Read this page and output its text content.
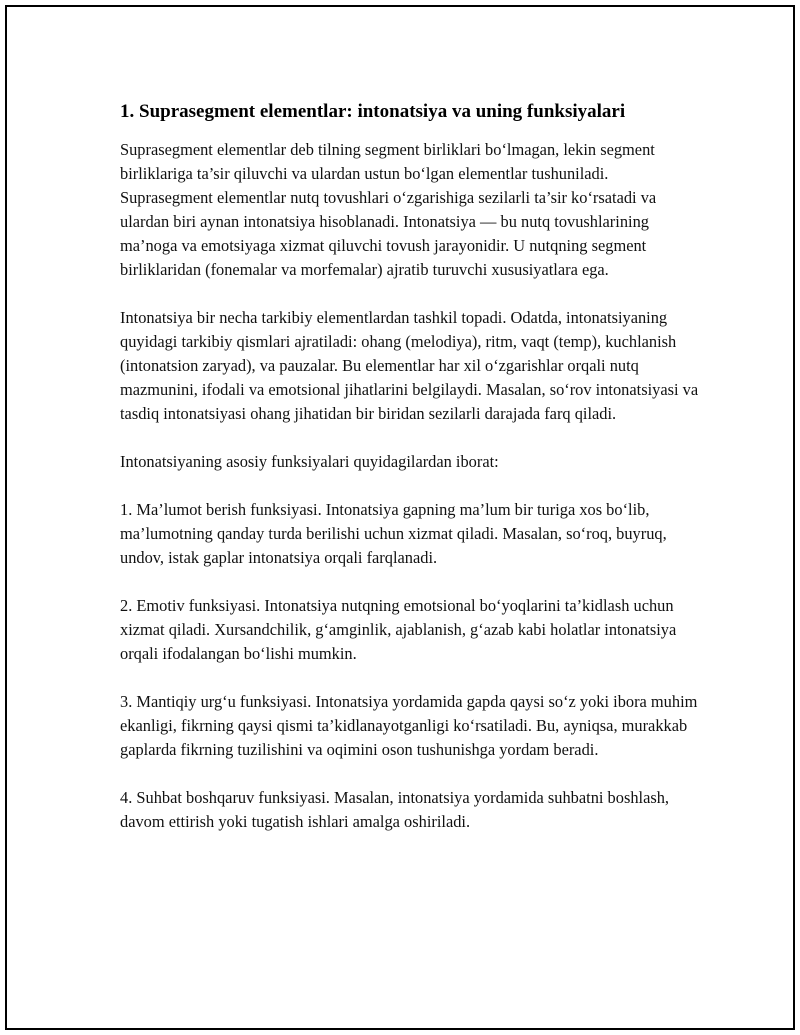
1. Suprasegment elementlar: intonatsiya va uning funksiyalari

Suprasegment elementlar deb tilning segment birliklari bo‘lmagan, lekin segment birliklariga ta’sir qiluvchi va ulardan ustun bo‘lgan elementlar tushuniladi. Suprasegment elementlar nutq tovushlari o‘zgarishiga sezilarli ta’sir ko‘rsatadi va ulardan biri aynan intonatsiya hisoblanadi. Intonatsiya — bu nutq tovushlarining ma’noga va emotsiyaga xizmat qiluvchi tovush jarayonidir. U nutqning segment birliklaridan (fonemalar va morfemalar) ajratib turuvchi xususiyatlara ega.

Intonatsiya bir necha tarkibiy elementlardan tashkil topadi. Odatda, intonatsiyaning quyidagi tarkibiy qismlari ajratiladi: ohang (melodiya), ritm, vaqt (temp), kuchlanish (intonatsion zaryad), va pauzalar. Bu elementlar har xil o‘zgarishlar orqali nutq mazmunini, ifodali va emotsional jihatlarini belgilaydi. Masalan, so‘rov intonatsiyasi va tasdiq intonatsiyasi ohang jihatidan bir biridan sezilarli darajada farq qiladi.

Intonatsiyaning asosiy funksiyalari quyidagilardan iborat:

1. Ma’lumot berish funksiyasi. Intonatsiya gapning ma’lum bir turiga xos bo‘lib, ma’lumotning qanday turda berilishi uchun xizmat qiladi. Masalan, so‘roq, buyruq, undov, istak gaplar intonatsiya orqali farqlanadi.

2. Emotiv funksiyasi. Intonatsiya nutqning emotsional bo‘yoqlarini ta’kidlash uchun xizmat qiladi. Xursandchilik, g‘amginlik, ajablanish, g‘azab kabi holatlar intonatsiya orqali ifodalangan bo‘lishi mumkin.

3. Mantiqiy urg‘u funksiyasi. Intonatsiya yordamida gapda qaysi so‘z yoki ibora muhim ekanligi, fikrning qaysi qismi ta’kidlanayotganligi ko‘rsatiladi. Bu, ayniqsa, murakkab gaplarda fikrning tuzilishini va oqimini oson tushunishga yordam beradi.

4. Suhbat boshqaruv funksiyasi. Masalan, intonatsiya yordamida suhbatni boshlash, davom ettirish yoki tugatish ishlari amalga oshiriladi.
